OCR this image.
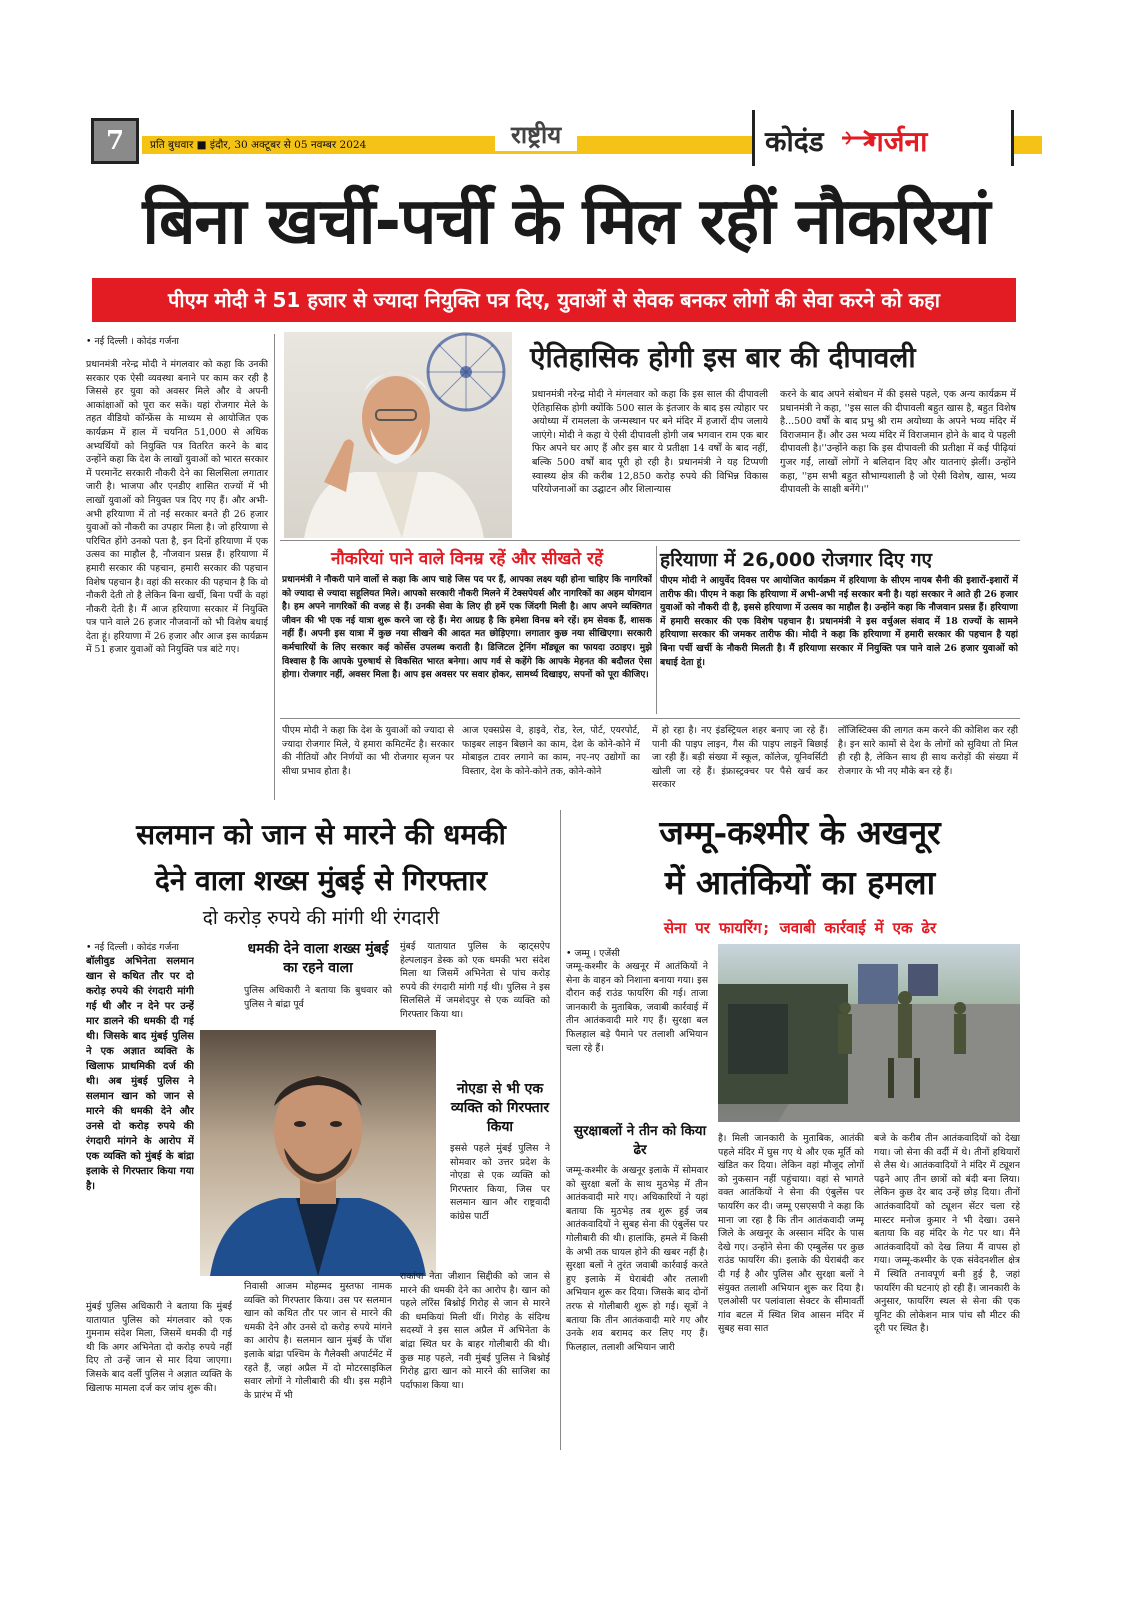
7	प्रति बुधवार ■ इंदौर, 30 अक्टूबर से 05 नवम्बर 2024	राष्ट्रीय	कोदंड गर्जना
बिना खर्ची-पर्ची के मिल रहीं नौकरियां
पीएम मोदी ने 51 हजार से ज्यादा नियुक्ति पत्र दिए, युवाओं से सेवक बनकर लोगों की सेवा करने को कहा
• नई दिल्ली । कोदंड गर्जना
प्रधानमंत्री नरेन्द्र मोदी ने मंगलवार को कहा कि उनकी सरकार एक ऐसी व्यवस्था बनाने पर काम कर रही है जिससे हर युवा को अवसर मिले और वे अपनी आकांक्षाओं को पूरा कर सकें। यहां रोजगार मेले के तहत वीडियो कॉन्फ्रेंस के माध्यम से आयोजित एक कार्यक्रम में हाल में चयनित 51,000 से अधिक अभ्यर्थियों को नियुक्ति पत्र वितरित करने के बाद उन्होंने कहा कि देश के लाखों युवाओं को भारत सरकार में परमानेंट सरकारी नौकरी देने का सिलसिला लगातार जारी है। भाजपा और एनडीए शासित राज्यों में भी लाखों युवाओं को नियुक्त पत्र दिए गए हैं। और अभी-अभी हरियाणा में तो नई सरकार बनते ही 26 हजार युवाओं को नौकरी का उपहार मिला है। जो हरियाणा से परिचित होंगे उनको पता है, इन दिनों हरियाणा में एक उत्सव का माहौल है, नौजवान प्रसन्न हैं। हरियाणा में हमारी सरकार की पहचान, हमारी सरकार की पहचान विशेष पहचान है। वहां की सरकार की पहचान है कि वो नौकरी देती तो है लेकिन बिना खर्ची, बिना पर्ची के वहां नौकरी देती है। मैं आज हरियाणा सरकार में नियुक्ति पत्र पाने वाले 26 हजार नौजवानों को भी विशेष बधाई देता हूं। हरियाणा में 26 हजार और आज इस कार्यक्रम में 51 हजार युवाओं को नियुक्ति पत्र बांटे गए।
ऐतिहासिक होगी इस बार की दीपावली
प्रधानमंत्री नरेन्द्र मोदी ने मंगलवार को कहा कि इस साल की दीपावली ऐतिहासिक होगी क्योंकि 500 साल के इंतजार के बाद इस त्योहार पर अयोध्या में रामलला के जन्मस्थान पर बने मंदिर में हजारों दीप जलाये जाएंगे। मोदी ने कहा ये ऐसी दीपावली होगी जब भगवान राम एक बार फिर अपने घर आए हैं और इस बार ये प्रतीक्षा 14 वर्षों के बाद नहीं, बल्कि 500 वर्षों बाद पूरी हो रही है। प्रधानमंत्री ने यह टिप्पणी स्वास्थ्य क्षेत्र की करीब 12,850 करोड़ रुपये की विभिन्न विकास परियोजनाओं का उद्घाटन और शिलान्यास
करने के बाद अपने संबोधन में की इससे पहले, एक अन्य कार्यक्रम में प्रधानमंत्री ने कहा, ''इस साल की दीपावली बहुत खास है, बहुत विशेष है...500 वर्षों के बाद प्रभु श्री राम अयोध्या के अपने भव्य मंदिर में विराजमान हैं। और उस भव्य मंदिर में विराजमान होने के बाद ये पहली दीपावली है।''उन्होंने कहा कि इस दीपावली की प्रतीक्षा में कई पीढ़ियां गुजर गईं, लाखों लोगों ने बलिदान दिए और यातनाएं झेलीं। उन्होंने कहा, ''हम सभी बहुत सौभाग्यशाली है जो ऐसी विशेष, खास, भव्य दीपावली के साक्षी बनेंगे।''
नौकरियां पाने वाले विनम्र रहें और सीखते रहें
प्रधानमंत्री ने नौकरी पाने वालों से कहा कि आप चाहे जिस पद पर हैं, आपका लक्ष्य यही होना चाहिए कि नागरिकों को ज्यादा से ज्यादा सहूलियत मिले। आपको सरकारी नौकरी मिलने में टेक्सपेयर्स और नागरिकों का अहम योगदान है। हम अपने नागरिकों की वजह से हैं। उनकी सेवा के लिए ही हमें एक जिंदगी मिली है। आप अपने व्यक्तिगत जीवन की भी एक नई यात्रा शुरू करने जा रहे हैं। मेरा आग्रह है कि हमेशा विनम्र बने रहें। हम सेवक हैं, शासक नहीं हैं। अपनी इस यात्रा में कुछ नया सीखने की आदत मत छोड़िएगा। लगातार कुछ नया सीखिएगा। सरकारी कर्मचारियों के लिए सरकार कई कोर्सेस उपलब्ध कराती है। डिजिटल ट्रेनिंग मॉड्यूल का फायदा उठाइए। मुझे विश्वास है कि आपके पुरुषार्थ से विकसित भारत बनेगा। आप गर्व से कहेंगे कि आपके मेहनत की बदौलत ऐसा होगा। रोजगार नहीं, अवसर मिला है। आप इस अवसर पर सवार होकर, सामर्थ्य दिखाइए, सपनों को पूरा कीजिए।
हरियाणा में 26,000 रोजगार दिए गए
पीएम मोदी ने आयुर्वेद दिवस पर आयोजित कार्यक्रम में हरियाणा के सीएम नायब सैनी की इशारों-इशारों में तारीफ की। पीएम ने कहा कि हरियाणा में अभी-अभी नई सरकार बनी है। यहां सरकार ने आते ही 26 हजार युवाओं को नौकरी दी है, इससे हरियाणा में उत्सव का माहौल है। उन्होंने कहा कि नौजवान प्रसन्न हैं। हरियाणा में हमारी सरकार की एक विशेष पहचान है। प्रधानमंत्री ने इस वर्चुअल संवाद में 18 राज्यों के सामने हरियाणा सरकार की जमकर तारीफ की। मोदी ने कहा कि हरियाणा में हमारी सरकार की पहचान है यहां बिना पर्ची खर्ची के नौकरी मिलती है। मैं हरियाणा सरकार में नियुक्ति पत्र पाने वाले 26 हजार युवाओं को बधाई देता हूं।
पीएम मोदी ने कहा कि देश के युवाओं को ज्यादा से ज्यादा रोजगार मिले, ये हमारा कमिटमेंट है। सरकार की नीतियों और निर्णयों का भी रोजगार सृजन पर सीधा प्रभाव होता है।
आज एक्सप्रेस वे, हाइवे, रोड, रेल, पोर्ट, एयरपोर्ट, फाइबर लाइन बिछाने का काम, देश के कोने-कोने में मोबाइल टावर लगाने का काम, नए-नए उद्योगों का विस्तार, देश के कोने-कोने तक, कोने-कोने
में हो रहा है। नए इंडस्ट्रियल शहर बनाए जा रहे हैं। पानी की पाइप लाइन, गैस की पाइप लाइनें बिछाई जा रही हैं। बड़ी संख्या में स्कूल, कॉलेज, यूनिवर्सिटी खोली जा रहे हैं। इंफ्रास्ट्रक्चर पर पैसे खर्च कर सरकार
लॉजिस्टिक्स की लागत कम करने की कोशिश कर रही है। इन सारे कामों से देश के लोगों को सुविधा तो मिल ही रही है, लेकिन साथ ही साथ करोड़ों की संख्या में रोजगार के भी नए मौके बन रहे हैं।
सलमान को जान से मारने की धमकी
देने वाला शख्स मुंबई से गिरफ्तार
दो करोड़ रुपये की मांगी थी रंगदारी
• नई दिल्ली । कोदंड गर्जना
बॉलीवुड अभिनेता सलमान खान से कथित तौर पर दो करोड़ रुपये की रंगदारी मांगी गई थी और न देने पर उन्हें मार डालने की धमकी दी गई थी। जिसके बाद मुंबई पुलिस ने एक अज्ञात व्यक्ति के खिलाफ प्राथमिकी दर्ज की थी। अब मुंबई पुलिस ने सलमान खान को जान से मारने की धमकी देने और उनसे दो करोड़ रुपये की रंगदारी मांगने के आरोप में एक व्यक्ति को मुंबई के बांद्रा इलाके से गिरफ्तार किया गया है।
मुंबई पुलिस अधिकारी ने बताया कि मुंबई यातायात पुलिस को मंगलवार को एक गुमनाम संदेश मिला, जिसमें धमकी दी गई थी कि अगर अभिनेता दो करोड़ रुपये नहीं दिए तो उन्हें जान से मार दिया जाएगा। जिसके बाद वर्ली पुलिस ने अज्ञात व्यक्ति के खिलाफ मामला दर्ज कर जांच शुरू की।
धमकी देने वाला शख्स मुंबई का रहने वाला
पुलिस अधिकारी ने बताया कि बुधवार को पुलिस ने बांद्रा पूर्व
निवासी आजम मोहम्मद मुस्तफा नामक व्यक्ति को गिरफ्तार किया। उस पर सलमान खान को कथित तौर पर जान से मारने की धमकी देने और उनसे दो करोड़ रुपये मांगने का आरोप है। सलमान खान मुंबई के पॉश इलाके बांद्रा पश्चिम के गैलेक्सी अपार्टमेंट में रहते हैं, जहां अप्रैल में दो मोटरसाइकिल सवार लोगों ने गोलीबारी की थी। इस महीने के प्रारंभ में भी
मुंबई यातायात पुलिस के व्हाट्सऐप हेल्पलाइन डेस्क को एक धमकी भरा संदेश मिला था जिसमें अभिनेता से पांच करोड़ रुपये की रंगदारी मांगी गई थी। पुलिस ने इस सिलसिले में जमशेदपुर से एक व्यक्ति को गिरफ्तार किया था।
नोएडा से भी एक व्यक्ति को गिरफ्तार किया
इससे पहले मुंबई पुलिस ने सोमवार को उत्तर प्रदेश के नोएडा से एक व्यक्ति को गिरफ्तार किया, जिस पर सलमान खान और राष्ट्रवादी कांग्रेस पार्टी
राकांपा नेता जीशान सिद्दीकी को जान से मारने की धमकी देने का आरोप है। खान को पहले लॉरेंस बिश्नोई गिरोह से जान से मारने की धमकियां मिली थीं। गिरोह के संदिग्ध सदस्यों ने इस साल अप्रैल में अभिनेता के बांद्रा स्थित घर के बाहर गोलीबारी की थी। कुछ माह पहले, नवी मुंबई पुलिस ने बिश्नोई गिरोह द्वारा खान को मारने की साजिश का पर्दाफाश किया था।
जम्मू-कश्मीर के अखनूर
में आतंकियों का हमला
सेना पर फायरिंग; जवाबी कार्रवाई में एक ढेर
• जम्मू । एजेंसी
जम्मू-कश्मीर के अखनूर में आतंकियों ने सेना के वाहन को निशाना बनाया गया। इस दौरान कई राउंड फायरिंग की गई। ताजा जानकारी के मुताबिक, जवाबी कार्रवाई में तीन आतंकवादी मारे गए हैं। सुरक्षा बल फिलहाल बड़े पैमाने पर तलाशी अभियान चला रहे हैं।
सुरक्षाबलों ने तीन को किया ढेर
जम्मू-कश्मीर के अखनूर इलाके में सोमवार को सुरक्षा बलों के साथ मुठभेड़ में तीन आतंकवादी मारे गए। अधिकारियों ने यहां बताया कि मुठभेड़ तब शुरू हुई जब आतंकवादियों ने सुबह सेना की एंबुलेंस पर गोलीबारी की थी। हालांकि, हमले में किसी के अभी तक घायल होने की खबर नहीं है। सुरक्षा बलों ने तुरंत जवाबी कार्रवाई करते हुए इलाके में घेराबंदी और तलाशी अभियान शुरू कर दिया। जिसके बाद दोनों तरफ से गोलीबारी शुरू हो गई। सूत्रों ने बताया कि तीन आतंकवादी मारे गए और उनके शव बरामद कर लिए गए हैं। फिलहाल, तलाशी अभियान जारी
है। मिली जानकारी के मुताबिक, आतंकी पहले मंदिर में घुस गए थे और एक मूर्ति को खंडित कर दिया। लेकिन वहां मौजूद लोगों को नुकसान नहीं पहुंचाया। वहां से भागते वक्त आतंकियों ने सेना की एंबुलेंस पर फायरिंग कर दी। जम्मू एसएसपी ने कहा कि माना जा रहा है कि तीन आतंकवादी जम्मू जिले के अखनूर के अस्सान मंदिर के पास देखे गए। उन्होंने सेना की एम्बुलेंस पर कुछ राउंड फायरिंग की। इलाके की घेराबंदी कर दी गई है और पुलिस और सुरक्षा बलों ने संयुक्त तलाशी अभियान शुरू कर दिया है। एलओसी पर पलांवाला सेक्टर के सीमावर्ती गांव बटल में स्थित शिव आसन मंदिर में सुबह सवा सात
बजे के करीब तीन आतंकवादियों को देखा गया। जो सेना की वर्दी में थे। तीनों हथियारों से लैस थे। आतंकवादियों ने मंदिर में ट्यूशन पढ़ने आए तीन छात्रों को बंदी बना लिया। लेकिन कुछ देर बाद उन्हें छोड़ दिया। तीनों आतंकवादियों को ट्यूशन सेंटर चला रहे मास्टर मनोज कुमार ने भी देखा। उसने बताया कि वह मंदिर के गेट पर था। मैंने आतंकवादियों को देख लिया मैं वापस हो गया। जम्मू-कश्मीर के एक संवेदनशील क्षेत्र में स्थिति तनावपूर्ण बनी हुई है, जहां फायरिंग की घटनाएं हो रही हैं। जानकारी के अनुसार, फायरिंग स्थल से सेना की एक यूनिट की लोकेशन मात्र पांच सौ मीटर की दूरी पर स्थित है।
